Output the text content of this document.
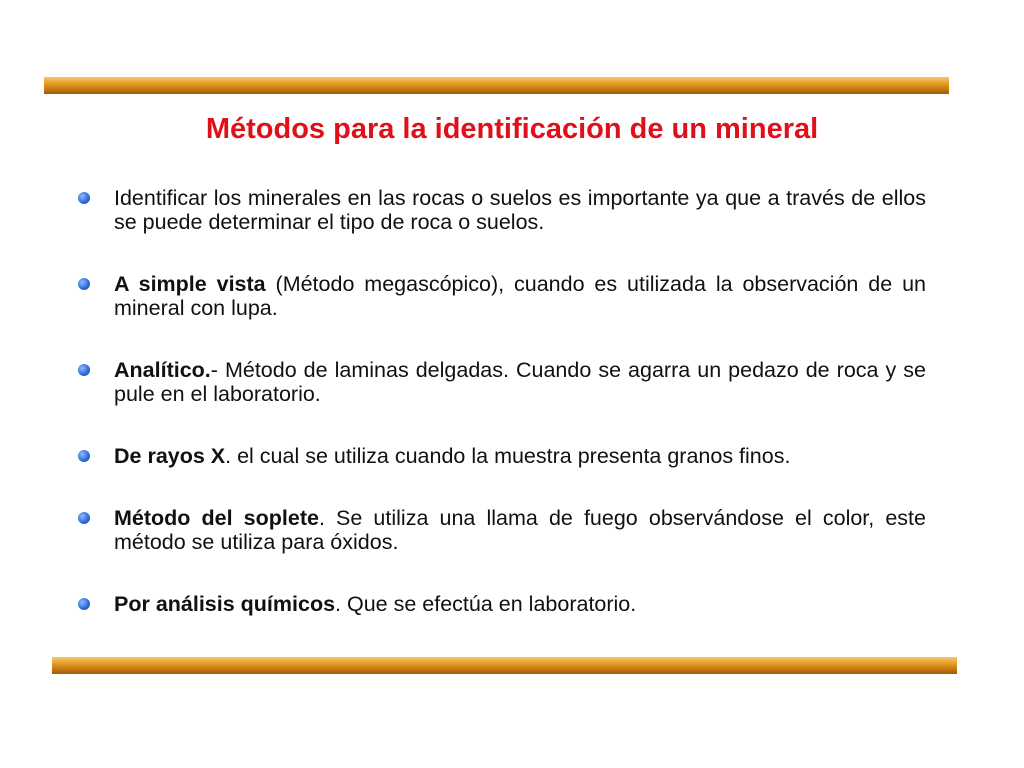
Métodos para la identificación de un mineral
Identificar los minerales en las rocas o suelos es importante ya que a través de ellos se puede determinar el tipo de roca o suelos.
A simple vista (Método megascópico), cuando es utilizada la observación de un mineral con lupa.
Analítico.- Método de laminas delgadas. Cuando se agarra un pedazo de roca y se pule en el laboratorio.
De rayos X. el cual se utiliza cuando la muestra presenta granos finos.
Método del soplete. Se utiliza una llama de fuego observándose el color, este método se utiliza para óxidos.
Por análisis químicos. Que se efectúa en laboratorio.
